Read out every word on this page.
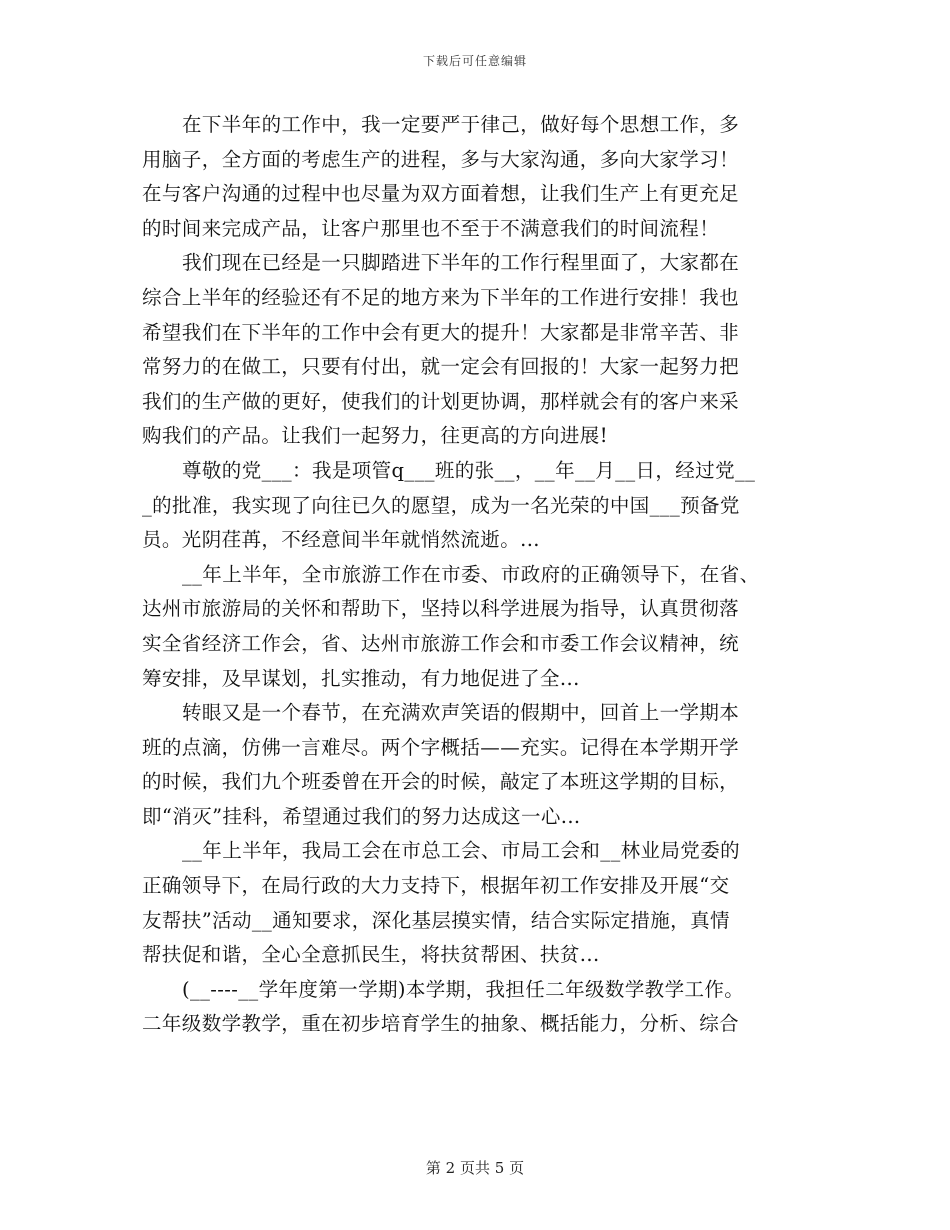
下载后可任意编辑
在下半年的工作中，我一定要严于律己，做好每个思想工作，多
用脑子，全方面的考虑生产的进程，多与大家沟通，多向大家学习！
在与客户沟通的过程中也尽量为双方面着想，让我们生产上有更充足
的时间来完成产品，让客户那里也不至于不满意我们的时间流程！
我们现在已经是一只脚踏进下半年的工作行程里面了，大家都在
综合上半年的经验还有不足的地方来为下半年的工作进行安排！我也
希望我们在下半年的工作中会有更大的提升！大家都是非常辛苦、非
常努力的在做工，只要有付出，就一定会有回报的！大家一起努力把
我们的生产做的更好，使我们的计划更协调，那样就会有的客户来采
购我们的产品。让我们一起努力，往更高的方向进展!
尊敬的党___：我是项管q___班的张__，__年__月__日，经过党__
_的批准，我实现了向往已久的愿望，成为一名光荣的中国___预备党
员。光阴荏苒，不经意间半年就悄然流逝。...
__年上半年，全市旅游工作在市委、市政府的正确领导下，在省、
达州市旅游局的关怀和帮助下，坚持以科学进展为指导，认真贯彻落
实全省经济工作会，省、达州市旅游工作会和市委工作会议精神，统
筹安排，及早谋划，扎实推动，有力地促进了全...
转眼又是一个春节，在充满欢声笑语的假期中，回首上一学期本
班的点滴，仿佛一言难尽。两个字概括——充实。记得在本学期开学
的时候，我们九个班委曾在开会的时候，敲定了本班这学期的目标，
即“消灭”挂科，希望通过我们的努力达成这一心...
__年上半年，我局工会在市总工会、市局工会和__林业局党委的
正确领导下，在局行政的大力支持下，根据年初工作安排及开展“交
友帮扶”活动__通知要求，深化基层摸实情，结合实际定措施，真情
帮扶促和谐，全心全意抓民生，将扶贫帮困、扶贫...
(__----__学年度第一学期)本学期，我担任二年级数学教学工作。
二年级数学教学，重在初步培育学生的抽象、概括能力，分析、综合
第 2 页共 5 页
